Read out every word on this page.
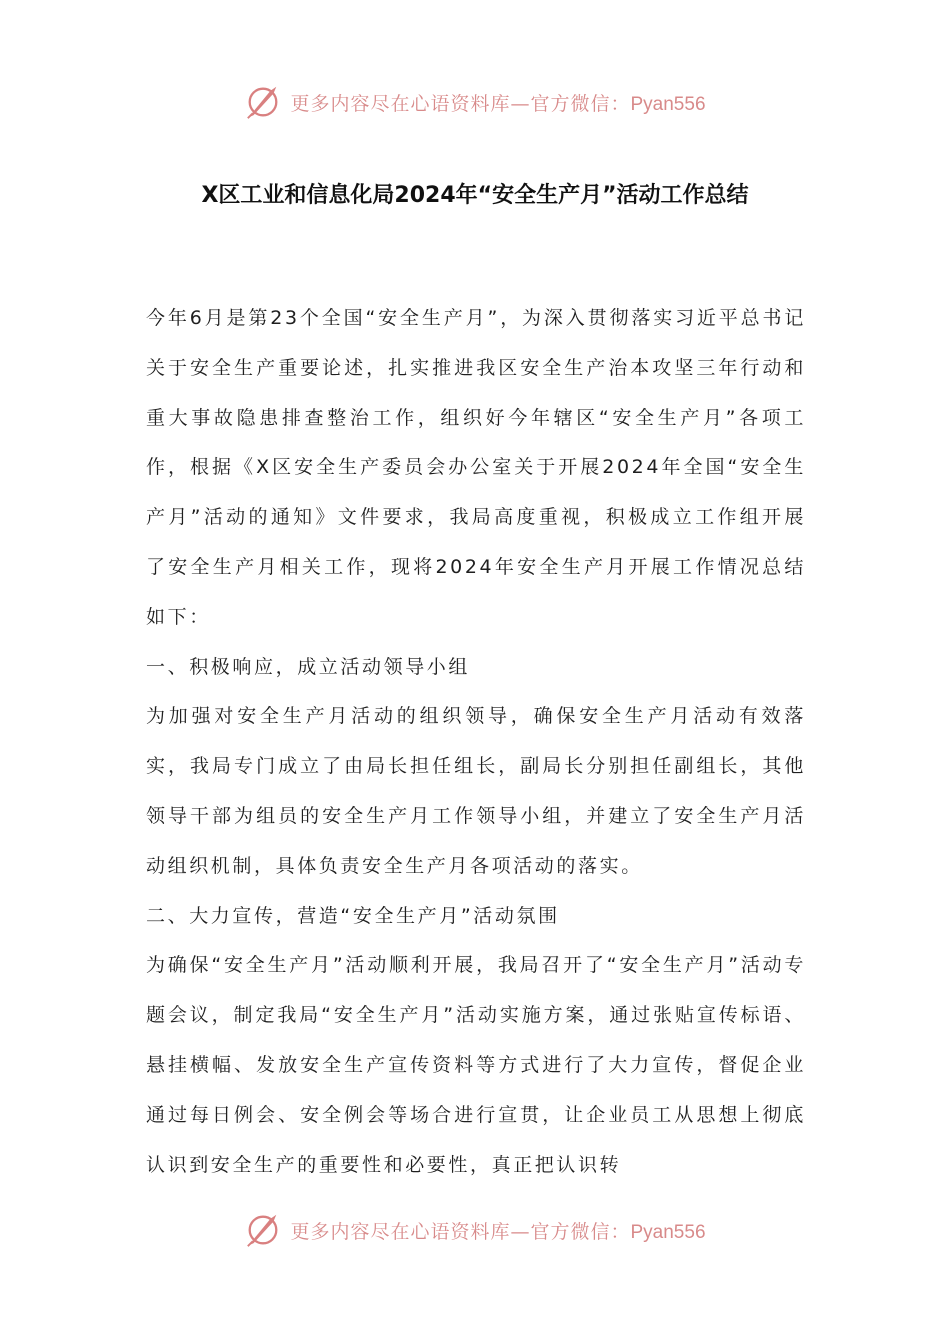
更多内容尽在心语资料库—官方微信：Pyan556
X区工业和信息化局2024年“安全生产月”活动工作总结

今年6月是第23个全国“安全生产月”，为深入贯彻落实习近平总书记关于安全生产重要论述，扎实推进我区安全生产治本攻坚三年行动和重大事故隐患排查整治工作，组织好今年辖区“安全生产月”各项工作，根据《X区安全生产委员会办公室关于开展2024年全国“安全生产月”活动的通知》文件要求，我局高度重视，积极成立工作组开展了安全生产月相关工作，现将2024年安全生产月开展工作情况总结如下：

一、积极响应，成立活动领导小组

为加强对安全生产月活动的组织领导，确保安全生产月活动有效落实，我局专门成立了由局长担任组长，副局长分别担任副组长，其他领导干部为组员的安全生产月工作领导小组，并建立了安全生产月活动组织机制，具体负责安全生产月各项活动的落实。

二、大力宣传，营造“安全生产月”活动氛围

为确保“安全生产月”活动顺利开展，我局召开了“安全生产月”活动专题会议，制定我局“安全生产月”活动实施方案，通过张贴宣传标语、悬挂横幅、发放安全生产宣传资料等方式进行了大力宣传，督促企业通过每日例会、安全例会等场合进行宣贯，让企业员工从思想上彻底认识到安全生产的重要性和必要性，真正把认识转

更多内容尽在心语资料库—官方微信：Pyan556
